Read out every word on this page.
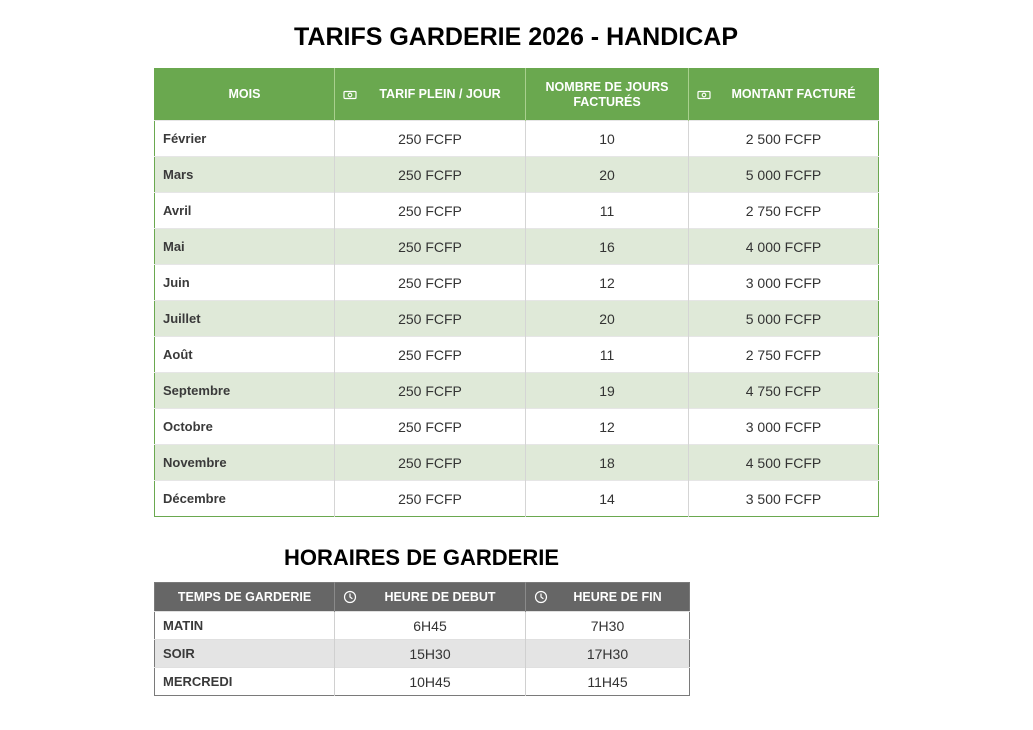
TARIFS GARDERIE 2026 - HANDICAP
MOIS	TARIF PLEIN / JOUR	NOMBRE DE JOURS FACTURÉS	MONTANT FACTURÉ

Février	250 FCFP	10	2 500 FCFP
Mars	250 FCFP	20	5 000 FCFP
Avril	250 FCFP	11	2 750 FCFP
Mai	250 FCFP	16	4 000 FCFP
Juin	250 FCFP	12	3 000 FCFP
Juillet	250 FCFP	20	5 000 FCFP
Août	250 FCFP	11	2 750 FCFP
Septembre	250 FCFP	19	4 750 FCFP
Octobre	250 FCFP	12	3 000 FCFP
Novembre	250 FCFP	18	4 500 FCFP
Décembre	250 FCFP	14	3 500 FCFP
HORAIRES DE GARDERIE
TEMPS DE GARDERIE	HEURE DE DEBUT	HEURE DE FIN

MATIN	6H45	7H30
SOIR	15H30	17H30
MERCREDI	10H45	11H45
